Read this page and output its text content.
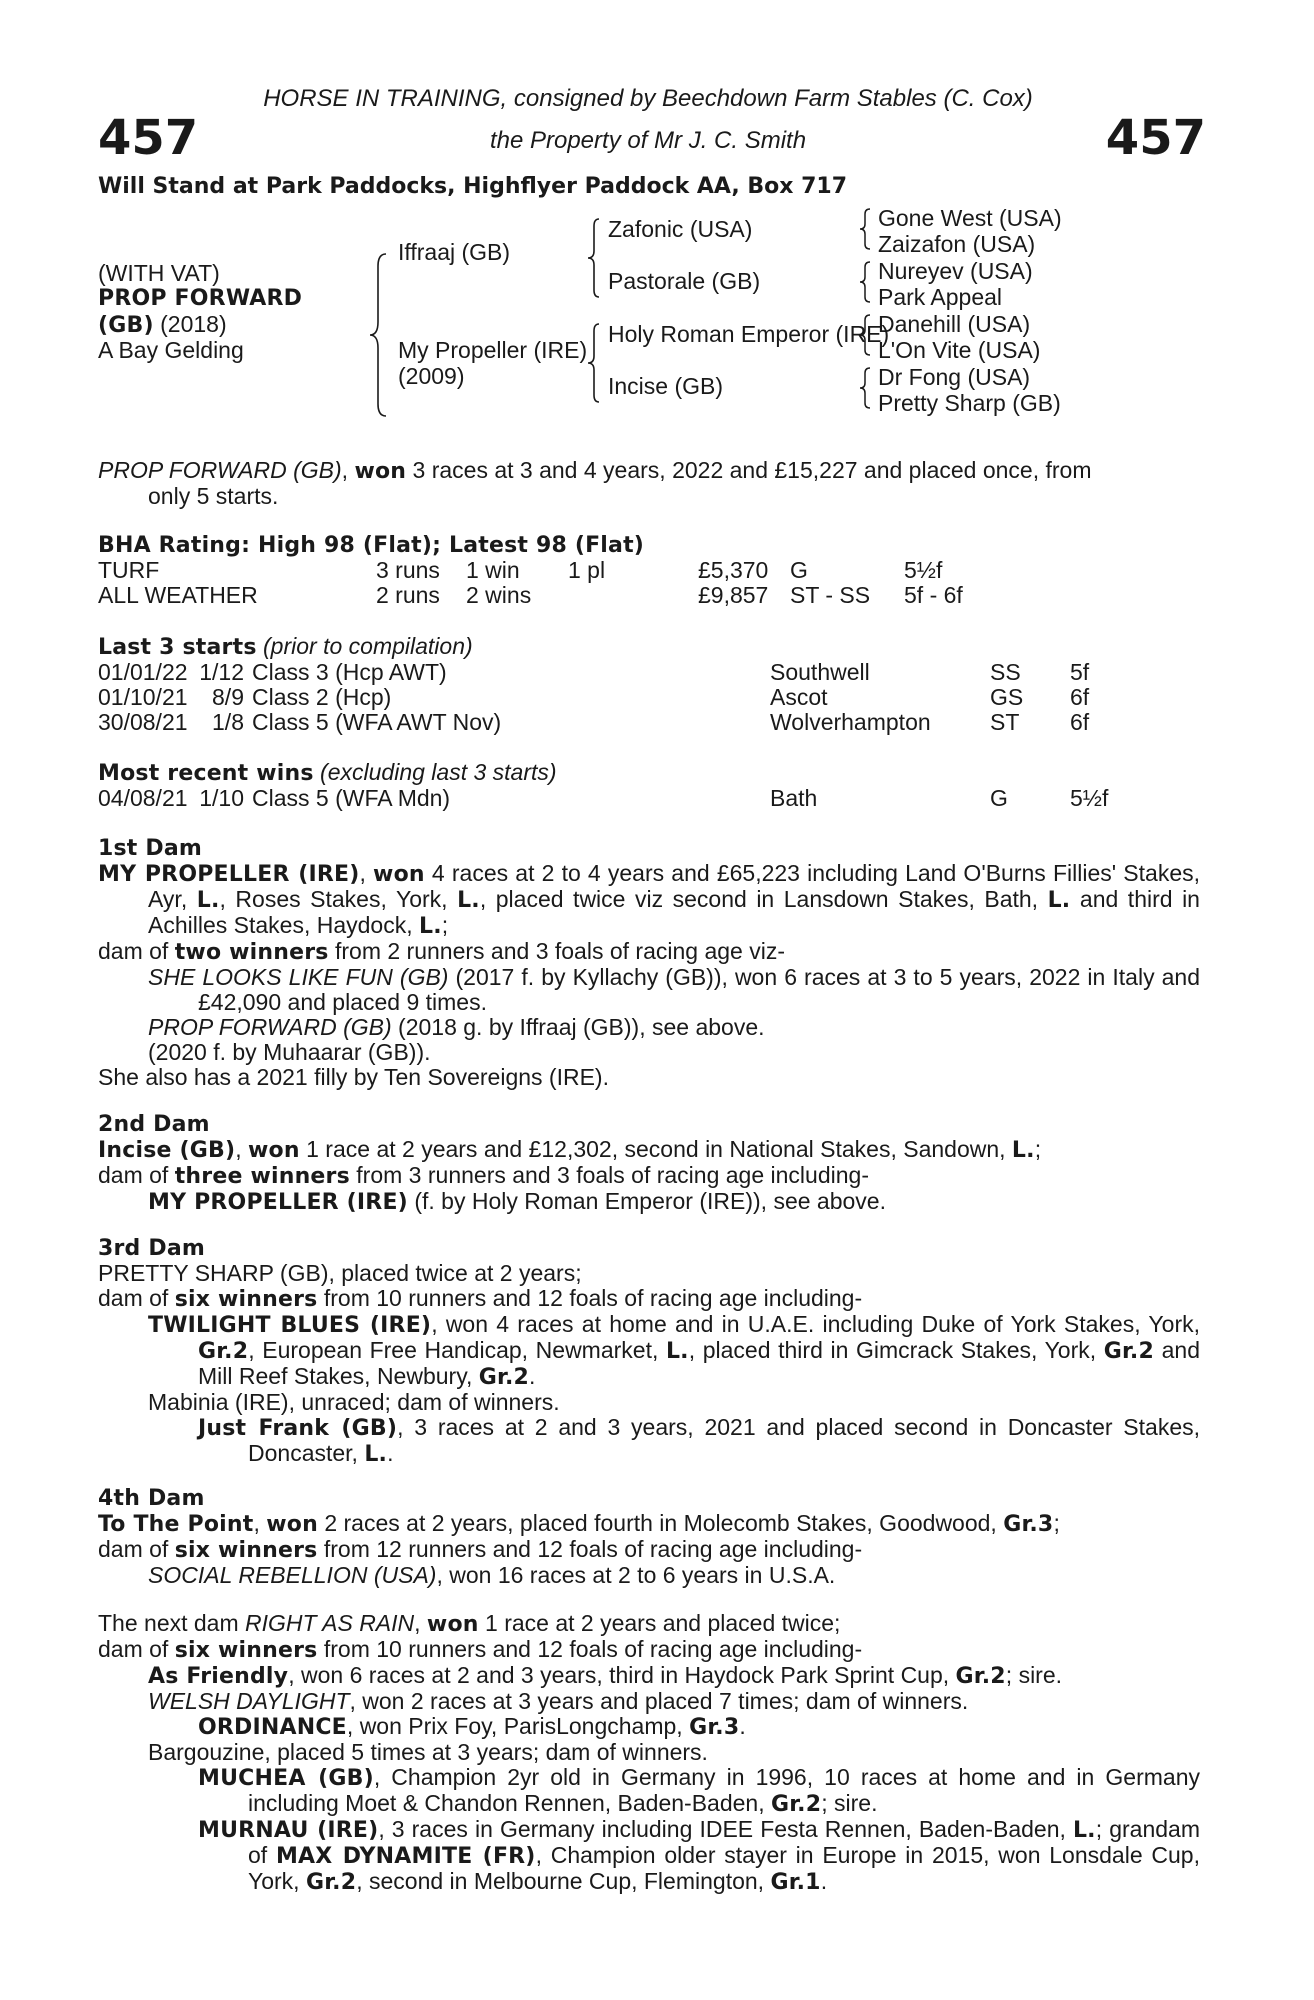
457	457
HORSE IN TRAINING, consigned by Beechdown Farm Stables (C. Cox)
the Property of Mr J. C. Smith
Will Stand at Park Paddocks, Highflyer Paddock AA, Box 717
(WITH VAT)
PROP FORWARD
(GB) (2018)
A Bay Gelding
Iffraaj (GB)
My Propeller (IRE)
(2009)
Zafonic (USA)
Pastorale (GB)
Holy Roman Emperor (IRE)
Incise (GB)
Gone West (USA)
Zaizafon (USA)
Nureyev (USA)
Park Appeal
Danehill (USA)
L'On Vite (USA)
Dr Fong (USA)
Pretty Sharp (GB)
PROP FORWARD (GB), won 3 races at 3 and 4 years, 2022 and £15,227 and placed once, from
only 5 starts.
BHA Rating: High 98 (Flat); Latest 98 (Flat)
TURF	3 runs	1 win	1 pl	£5,370	G	5½f
ALL WEATHER	2 runs	2 wins		£9,857	ST - SS	5f - 6f
Last 3 starts (prior to compilation)
01/01/22	1/12		Class 3 (Hcp AWT)	Southwell	SS	5f
01/10/21	8/9		Class 2 (Hcp)	Ascot	GS	6f
30/08/21	1/8		Class 5 (WFA AWT Nov)	Wolverhampton	ST	6f
Most recent wins (excluding last 3 starts)
04/08/21	1/10		Class 5 (WFA Mdn)	Bath	G	5½f
1st Dam
MY PROPELLER (IRE), won 4 races at 2 to 4 years and £65,223 including Land O'Burns Fillies' Stakes, Ayr, L., Roses Stakes, York, L., placed twice viz second in Lansdown Stakes, Bath, L. and third in Achilles Stakes, Haydock, L.;
dam of two winners from 2 runners and 3 foals of racing age viz-
SHE LOOKS LIKE FUN (GB) (2017 f. by Kyllachy (GB)), won 6 races at 3 to 5 years, 2022 in Italy and £42,090 and placed 9 times.
PROP FORWARD (GB) (2018 g. by Iffraaj (GB)), see above.
(2020 f. by Muhaarar (GB)).
She also has a 2021 filly by Ten Sovereigns (IRE).
2nd Dam
Incise (GB), won 1 race at 2 years and £12,302, second in National Stakes, Sandown, L.;
dam of three winners from 3 runners and 3 foals of racing age including-
MY PROPELLER (IRE) (f. by Holy Roman Emperor (IRE)), see above.
3rd Dam
PRETTY SHARP (GB), placed twice at 2 years;
dam of six winners from 10 runners and 12 foals of racing age including-
TWILIGHT BLUES (IRE), won 4 races at home and in U.A.E. including Duke of York Stakes, York, Gr.2, European Free Handicap, Newmarket, L., placed third in Gimcrack Stakes, York, Gr.2 and Mill Reef Stakes, Newbury, Gr.2.
Mabinia (IRE), unraced; dam of winners.
Just Frank (GB), 3 races at 2 and 3 years, 2021 and placed second in Doncaster Stakes, Doncaster, L..
4th Dam
To The Point, won 2 races at 2 years, placed fourth in Molecomb Stakes, Goodwood, Gr.3;
dam of six winners from 12 runners and 12 foals of racing age including-
SOCIAL REBELLION (USA), won 16 races at 2 to 6 years in U.S.A.
The next dam RIGHT AS RAIN, won 1 race at 2 years and placed twice;
dam of six winners from 10 runners and 12 foals of racing age including-
As Friendly, won 6 races at 2 and 3 years, third in Haydock Park Sprint Cup, Gr.2; sire.
WELSH DAYLIGHT, won 2 races at 3 years and placed 7 times; dam of winners.
ORDINANCE, won Prix Foy, ParisLongchamp, Gr.3.
Bargouzine, placed 5 times at 3 years; dam of winners.
MUCHEA (GB), Champion 2yr old in Germany in 1996, 10 races at home and in Germany including Moet & Chandon Rennen, Baden-Baden, Gr.2; sire.
MURNAU (IRE), 3 races in Germany including IDEE Festa Rennen, Baden-Baden, L.; grandam of MAX DYNAMITE (FR), Champion older stayer in Europe in 2015, won Lonsdale Cup, York, Gr.2, second in Melbourne Cup, Flemington, Gr.1.
